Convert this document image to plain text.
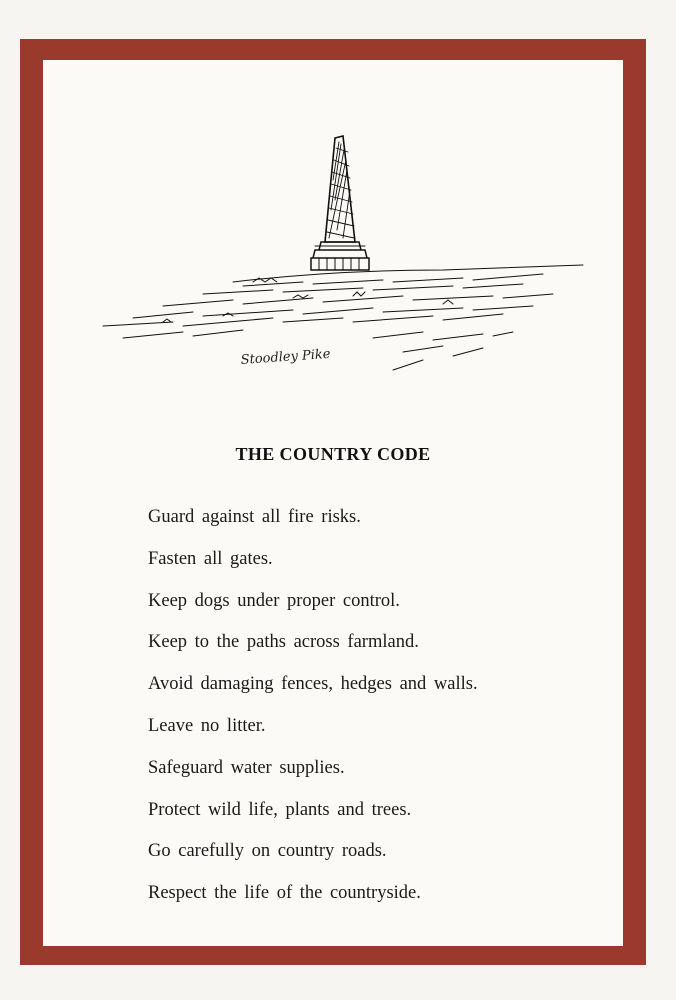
Stoodley Pike
THE COUNTRY CODE
Guard against all fire risks.
Fasten all gates.
Keep dogs under proper control.
Keep to the paths across farmland.
Avoid damaging fences, hedges and walls.
Leave no litter.
Safeguard water supplies.
Protect wild life, plants and trees.
Go carefully on country roads.
Respect the life of the countryside.
